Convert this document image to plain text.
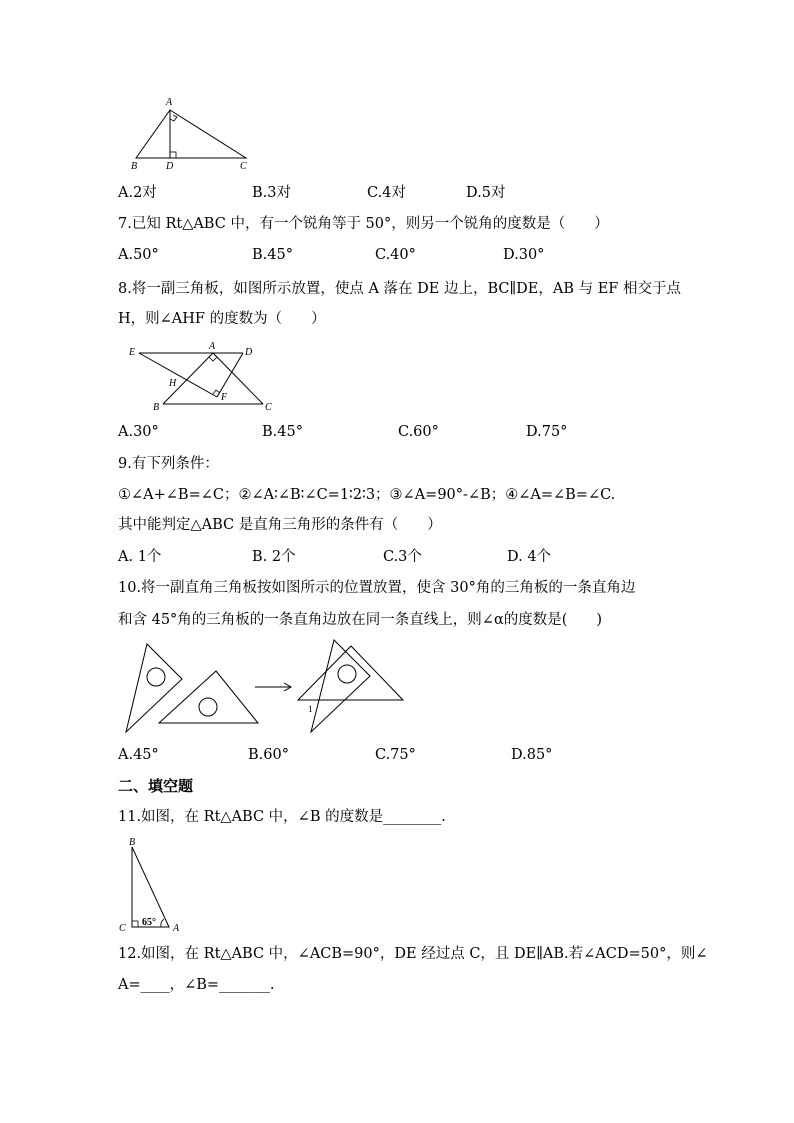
A
B	D	C
A.2对	B.3对	C.4对	D.5对
7.已知 Rt△ABC 中，有一个锐角等于 50°，则另一个锐角的度数是（　　）
A.50°	B.45°	C.40°	D.30°
8.将一副三角板，如图所示放置，使点 A 落在 DE 边上，BC∥DE，AB 与 EF 相交于点
H，则∠AHF 的度数为（　　）
E
A
D
H
F
B	C
A.30°	B.45°	C.60°	D.75°
9.有下列条件：
①∠A+∠B=∠C；②∠A∶∠B∶∠C=1∶2∶3；③∠A=90°-∠B；④∠A=∠B=∠C.
其中能判定△ABC 是直角三角形的条件有（　　）
A. 1个	B. 2个	C.3个	D. 4个
10.将一副直角三角板按如图所示的位置放置，使含 30°角的三角板的一条直角边
和含 45°角的三角板的一条直角边放在同一条直线上，则∠α的度数是(　　)
1
A.45°	B.60°	C.75°	D.85°
二、填空题
11.如图，在 Rt△ABC 中，∠B 的度数是________.
B
C	A
65°
12.如图，在 Rt△ABC 中，∠ACB=90°，DE 经过点 C，且 DE∥AB.若∠ACD=50°，则∠
A=____，∠B=_______.
